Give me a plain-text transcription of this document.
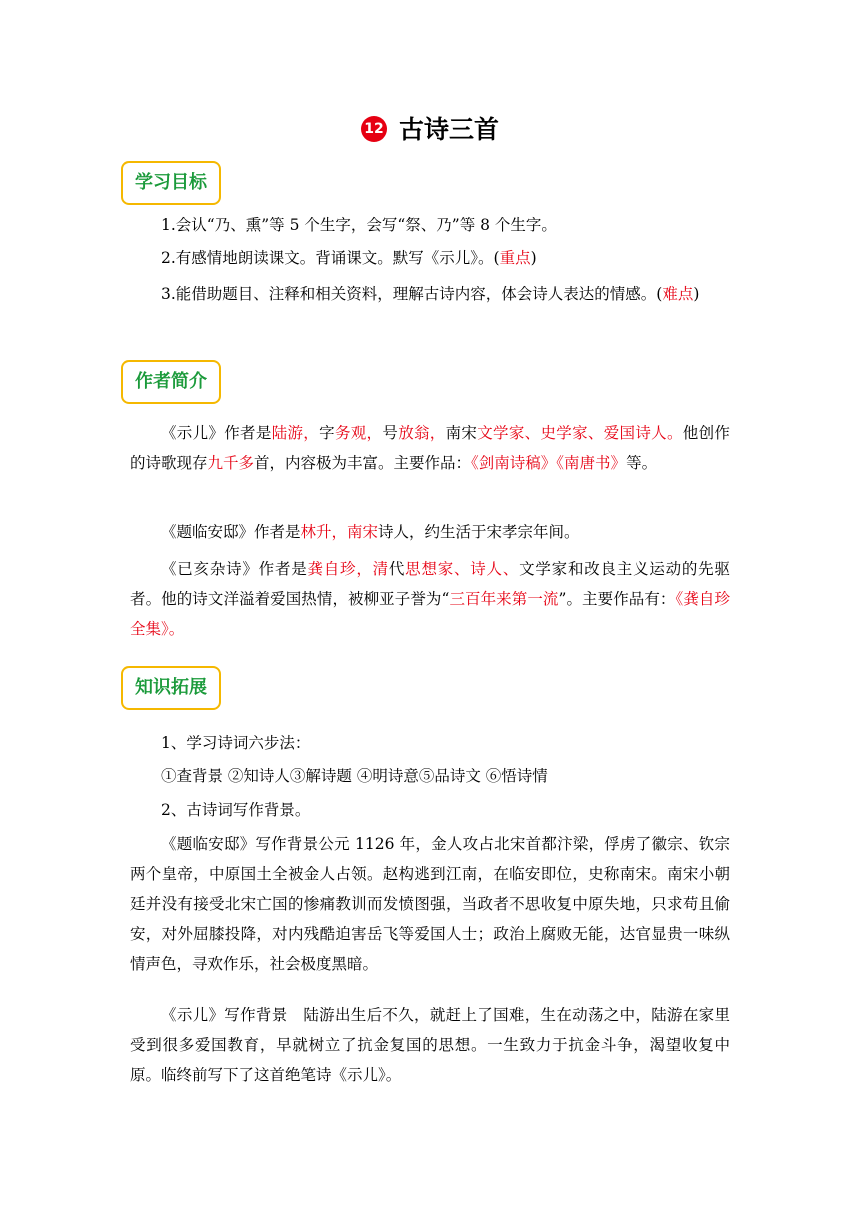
12 古诗三首
学习目标

1.会认“乃、熏”等 5 个生字，会写“祭、乃”等 8 个生字。

2.有感情地朗读课文。背诵课文。默写《示儿》。(重点)

3.能借助题目、注释和相关资料，理解古诗内容，体会诗人表达的情感。(难点)

作者简介

《示儿》作者是陆游，字务观，号放翁，南宋文学家、史学家、爱国诗人。他创作的诗歌现存九千多首，内容极为丰富。主要作品：《剑南诗稿》《南唐书》等。

《题临安邸》作者是林升，南宋诗人，约生活于宋孝宗年间。

《已亥杂诗》作者是龚自珍，清代思想家、诗人、文学家和改良主义运动的先驱者。他的诗文洋溢着爱国热情，被柳亚子誉为“三百年来第一流”。主要作品有：《龚自珍全集》。

知识拓展

1、学习诗词六步法：

①查背景 ②知诗人③解诗题 ④明诗意⑤品诗文 ⑥悟诗情

2、古诗词写作背景。

《题临安邸》写作背景公元 1126 年，金人攻占北宋首都汴梁，俘虏了徽宗、钦宗两个皇帝，中原国土全被金人占领。赵构逃到江南，在临安即位，史称南宋。南宋小朝廷并没有接受北宋亡国的惨痛教训而发愤图强，当政者不思收复中原失地，只求苟且偷安，对外屈膝投降，对内残酷迫害岳飞等爱国人士；政治上腐败无能，达官显贵一味纵情声色，寻欢作乐，社会极度黑暗。

《示儿》写作背景　陆游出生后不久，就赶上了国难，生在动荡之中，陆游在家里受到很多爱国教育，早就树立了抗金复国的思想。一生致力于抗金斗争，渴望收复中原。临终前写下了这首绝笔诗《示儿》。
